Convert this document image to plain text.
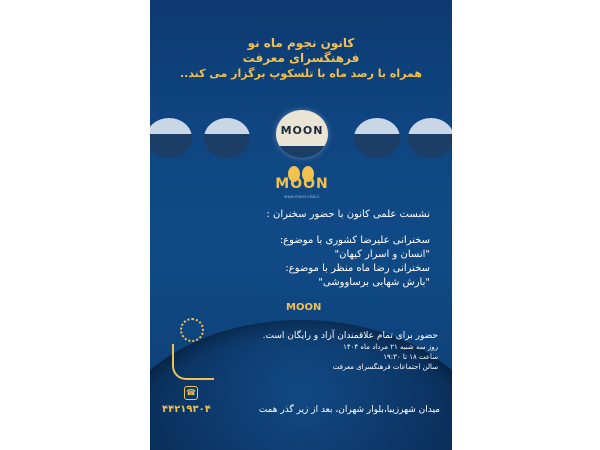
کانون نجوم ماه نو
فرهنگسرای معرفت
همراه با رصد ماه با تلسکوپ برگزار می کند..
MOON
MOON
www.moon-club.ir
نشست علمی کانون با حضور سخنران :
سخنرانی علیرضا کشوری با موضوع:
"انسان و اسرار کیهان"
سخنرانی رضا ماه منظر با موضوع:
"بارش شهابی برساووشی"
MOON
حضور برای تمام علاقمندان آزاد و رایگان است.
روز سه شنبه ۲۱ مرداد ماه ۱۴۰۴
ساعت ۱۸ تا ۱۹:۳۰
سالن اجتماعات فرهنگسرای معرفت
☎
۴۴۲۱۹۳۰۴	میدان شهرزیبا،بلوار شهران، بعد از زیر گذر همت
